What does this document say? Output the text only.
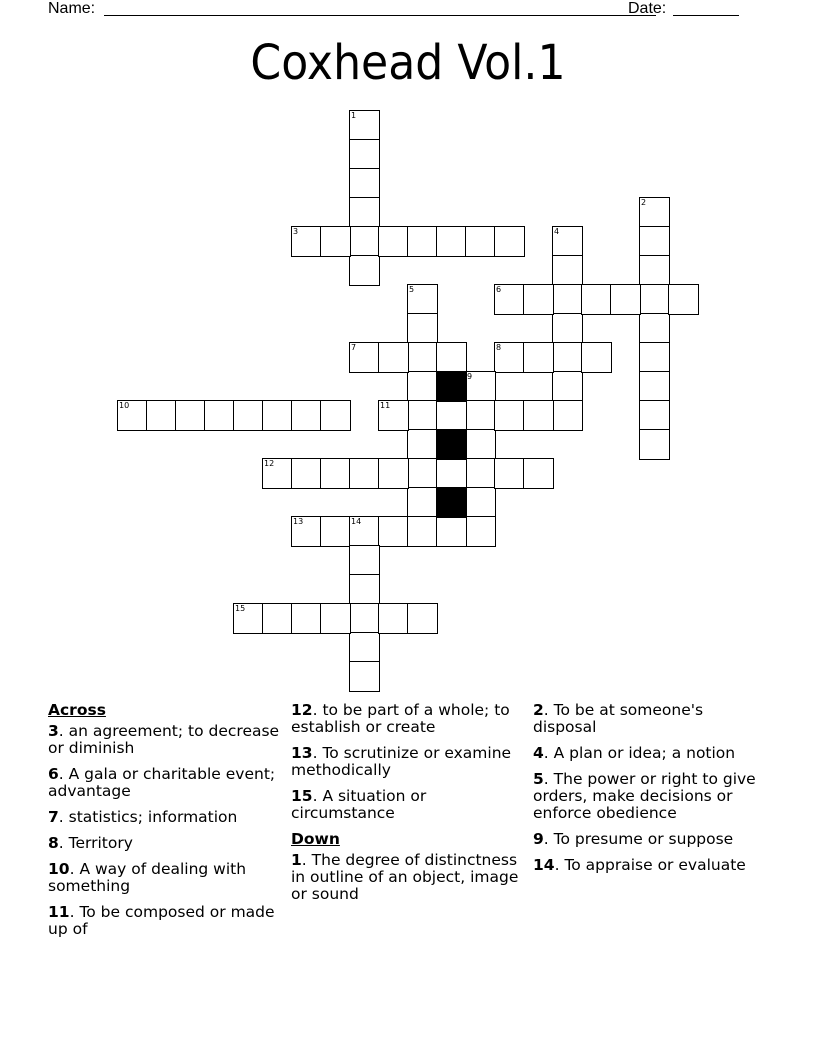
Name:	Date:
Coxhead Vol.1
1
2
3	4
5	6
7	8
9
10	11
12
13	14
15
Across
3. an agreement; to decrease or diminish
6. A gala or charitable event; advantage
7. statistics; information
8. Territory
10. A way of dealing with something
11. To be composed or made up of
12. to be part of a whole; to establish or create
13. To scrutinize or examine methodically
15. A situation or circumstance
Down
1. The degree of distinctness in outline of an object, image or sound
2. To be at someone's disposal
4. A plan or idea; a notion
5. The power or right to give orders, make decisions or enforce obedience
9. To presume or suppose
14. To appraise or evaluate
